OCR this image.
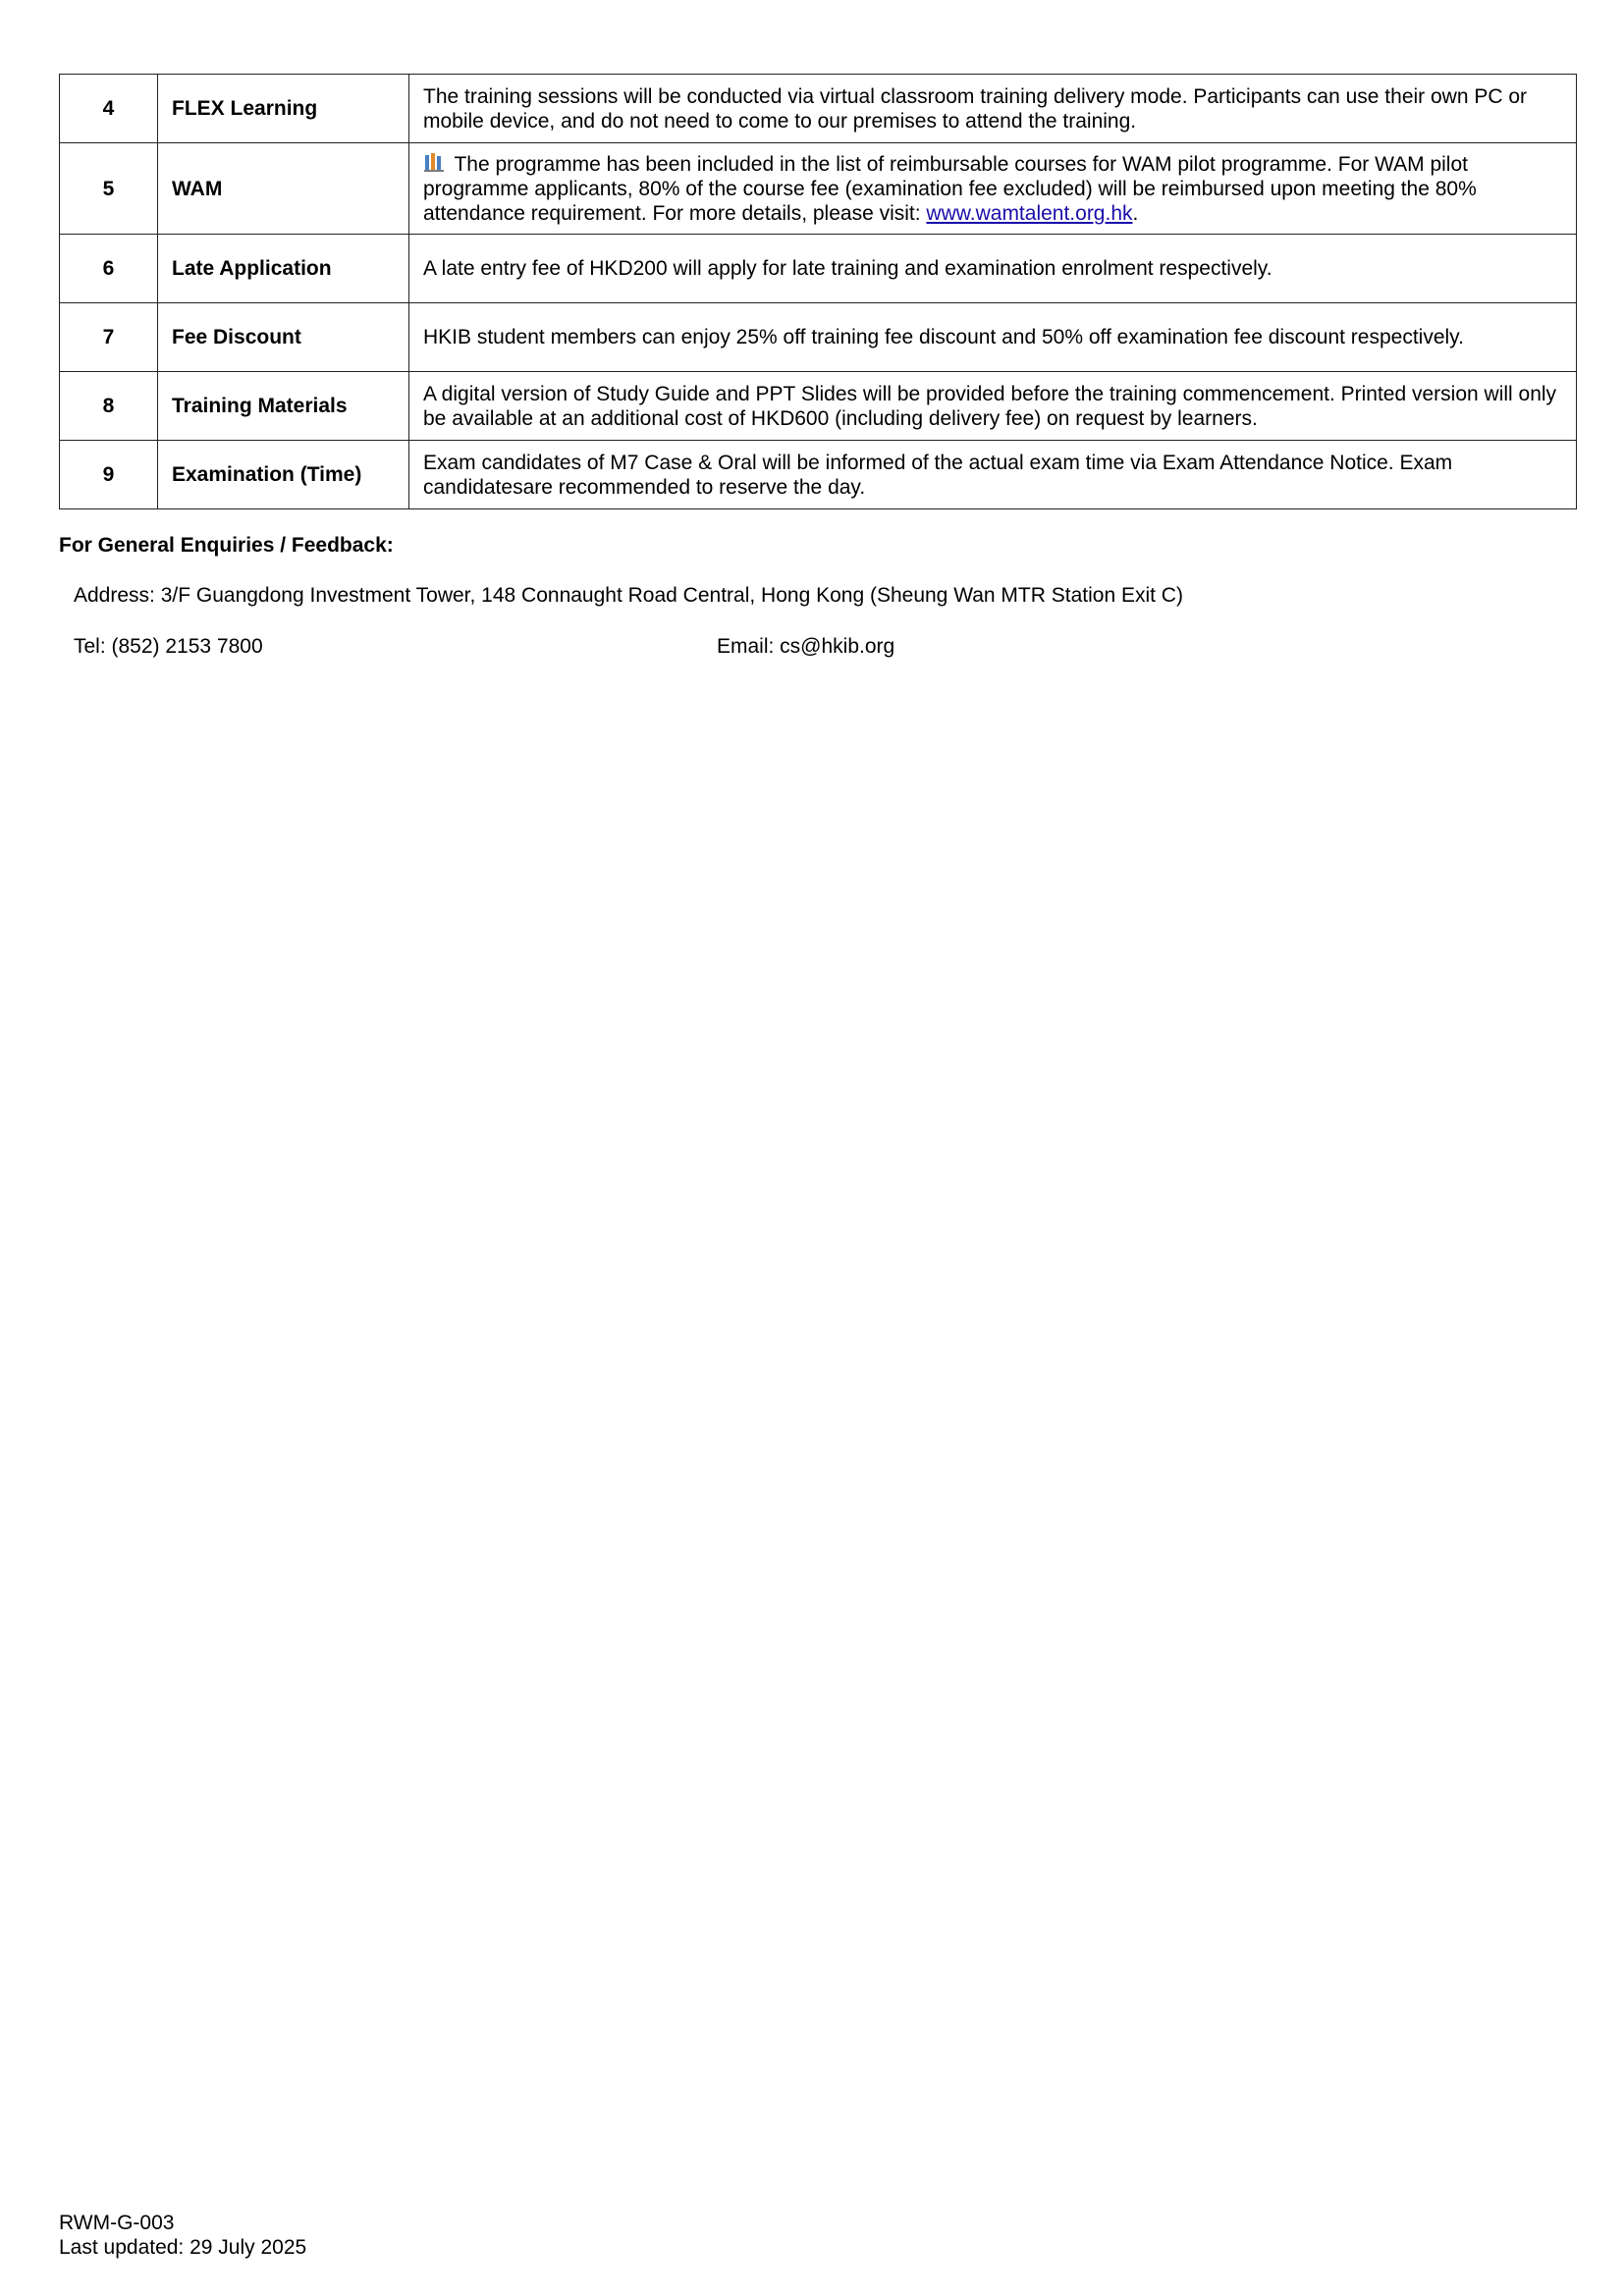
4	FLEX Learning	The training sessions will be conducted via virtual classroom training delivery mode. Participants can use their own PC or mobile device, and do not need to come to our premises to attend the training.
5	WAM	The programme has been included in the list of reimbursable courses for WAM pilot programme. For WAM pilot programme applicants, 80% of the course fee (examination fee excluded) will be reimbursed upon meeting the 80% attendance requirement. For more details, please visit: www.wamtalent.org.hk.
6	Late Application	A late entry fee of HKD200 will apply for late training and examination enrolment respectively.
7	Fee Discount	HKIB student members can enjoy 25% off training fee discount and 50% off examination fee discount respectively.
8	Training Materials	A digital version of Study Guide and PPT Slides will be provided before the training commencement. Printed version will only be available at an additional cost of HKD600 (including delivery fee) on request by learners.
9	Examination (Time)	Exam candidates of M7 Case & Oral will be informed of the actual exam time via Exam Attendance Notice. Exam candidatesare recommended to reserve the day.
For General Enquiries / Feedback:
Address: 3/F Guangdong Investment Tower, 148 Connaught Road Central, Hong Kong (Sheung Wan MTR Station Exit C)
Tel: (852) 2153 7800	Email: cs@hkib.org
RWM-G-003
Last updated: 29 July 2025
